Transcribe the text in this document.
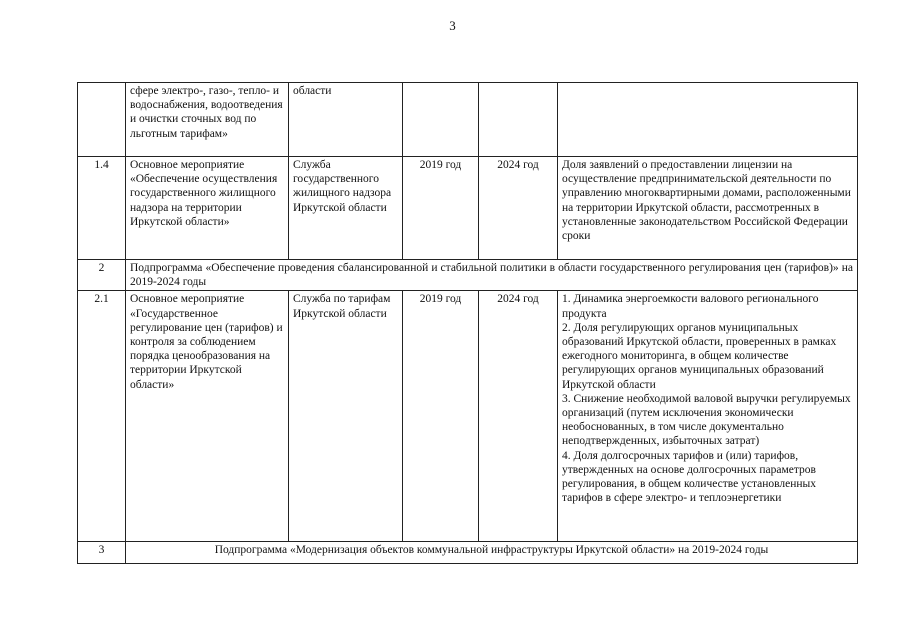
3
	сфере электро-, газо-, тепло- и водоснабжения, водоотведения и очистки сточных вод по льготным тарифам»	области			
1.4	Основное мероприятие «Обеспечение осуществления государственного жилищного надзора на территории Иркутской области»	Служба государственного жилищного надзора Иркутской области	2019 год	2024 год	Доля заявлений о предоставлении лицензии на осуществление предпринимательской деятельности по управлению многоквартирными домами, расположенными на территории Иркутской области, рассмотренных в установленные законодательством Российской Федерации сроки
2	Подпрограмма «Обеспечение проведения сбалансированной и стабильной политики в области государственного регулирования цен (тарифов)» на 2019-2024 годы				
2.1	Основное мероприятие «Государственное регулирование цен (тарифов) и контроля за соблюдением порядка ценообразования на территории Иркутской области»	Служба по тарифам Иркутской области	2019 год	2024 год	1. Динамика энергоемкости валового регионального продукта
2. Доля регулирующих органов муниципальных образований Иркутской области, проверенных в рамках ежегодного мониторинга, в общем количестве регулирующих органов муниципальных образований Иркутской области
3. Снижение необходимой валовой выручки регулируемых организаций (путем исключения экономически необоснованных, в том числе документально неподтвержденных, избыточных затрат)
4. Доля долгосрочных тарифов и (или) тарифов, утвержденных на основе долгосрочных параметров регулирования, в общем количестве установленных тарифов в сфере электро- и теплоэнергетики
3	Подпрограмма «Модернизация объектов коммунальной инфраструктуры Иркутской области» на 2019-2024 годы				
